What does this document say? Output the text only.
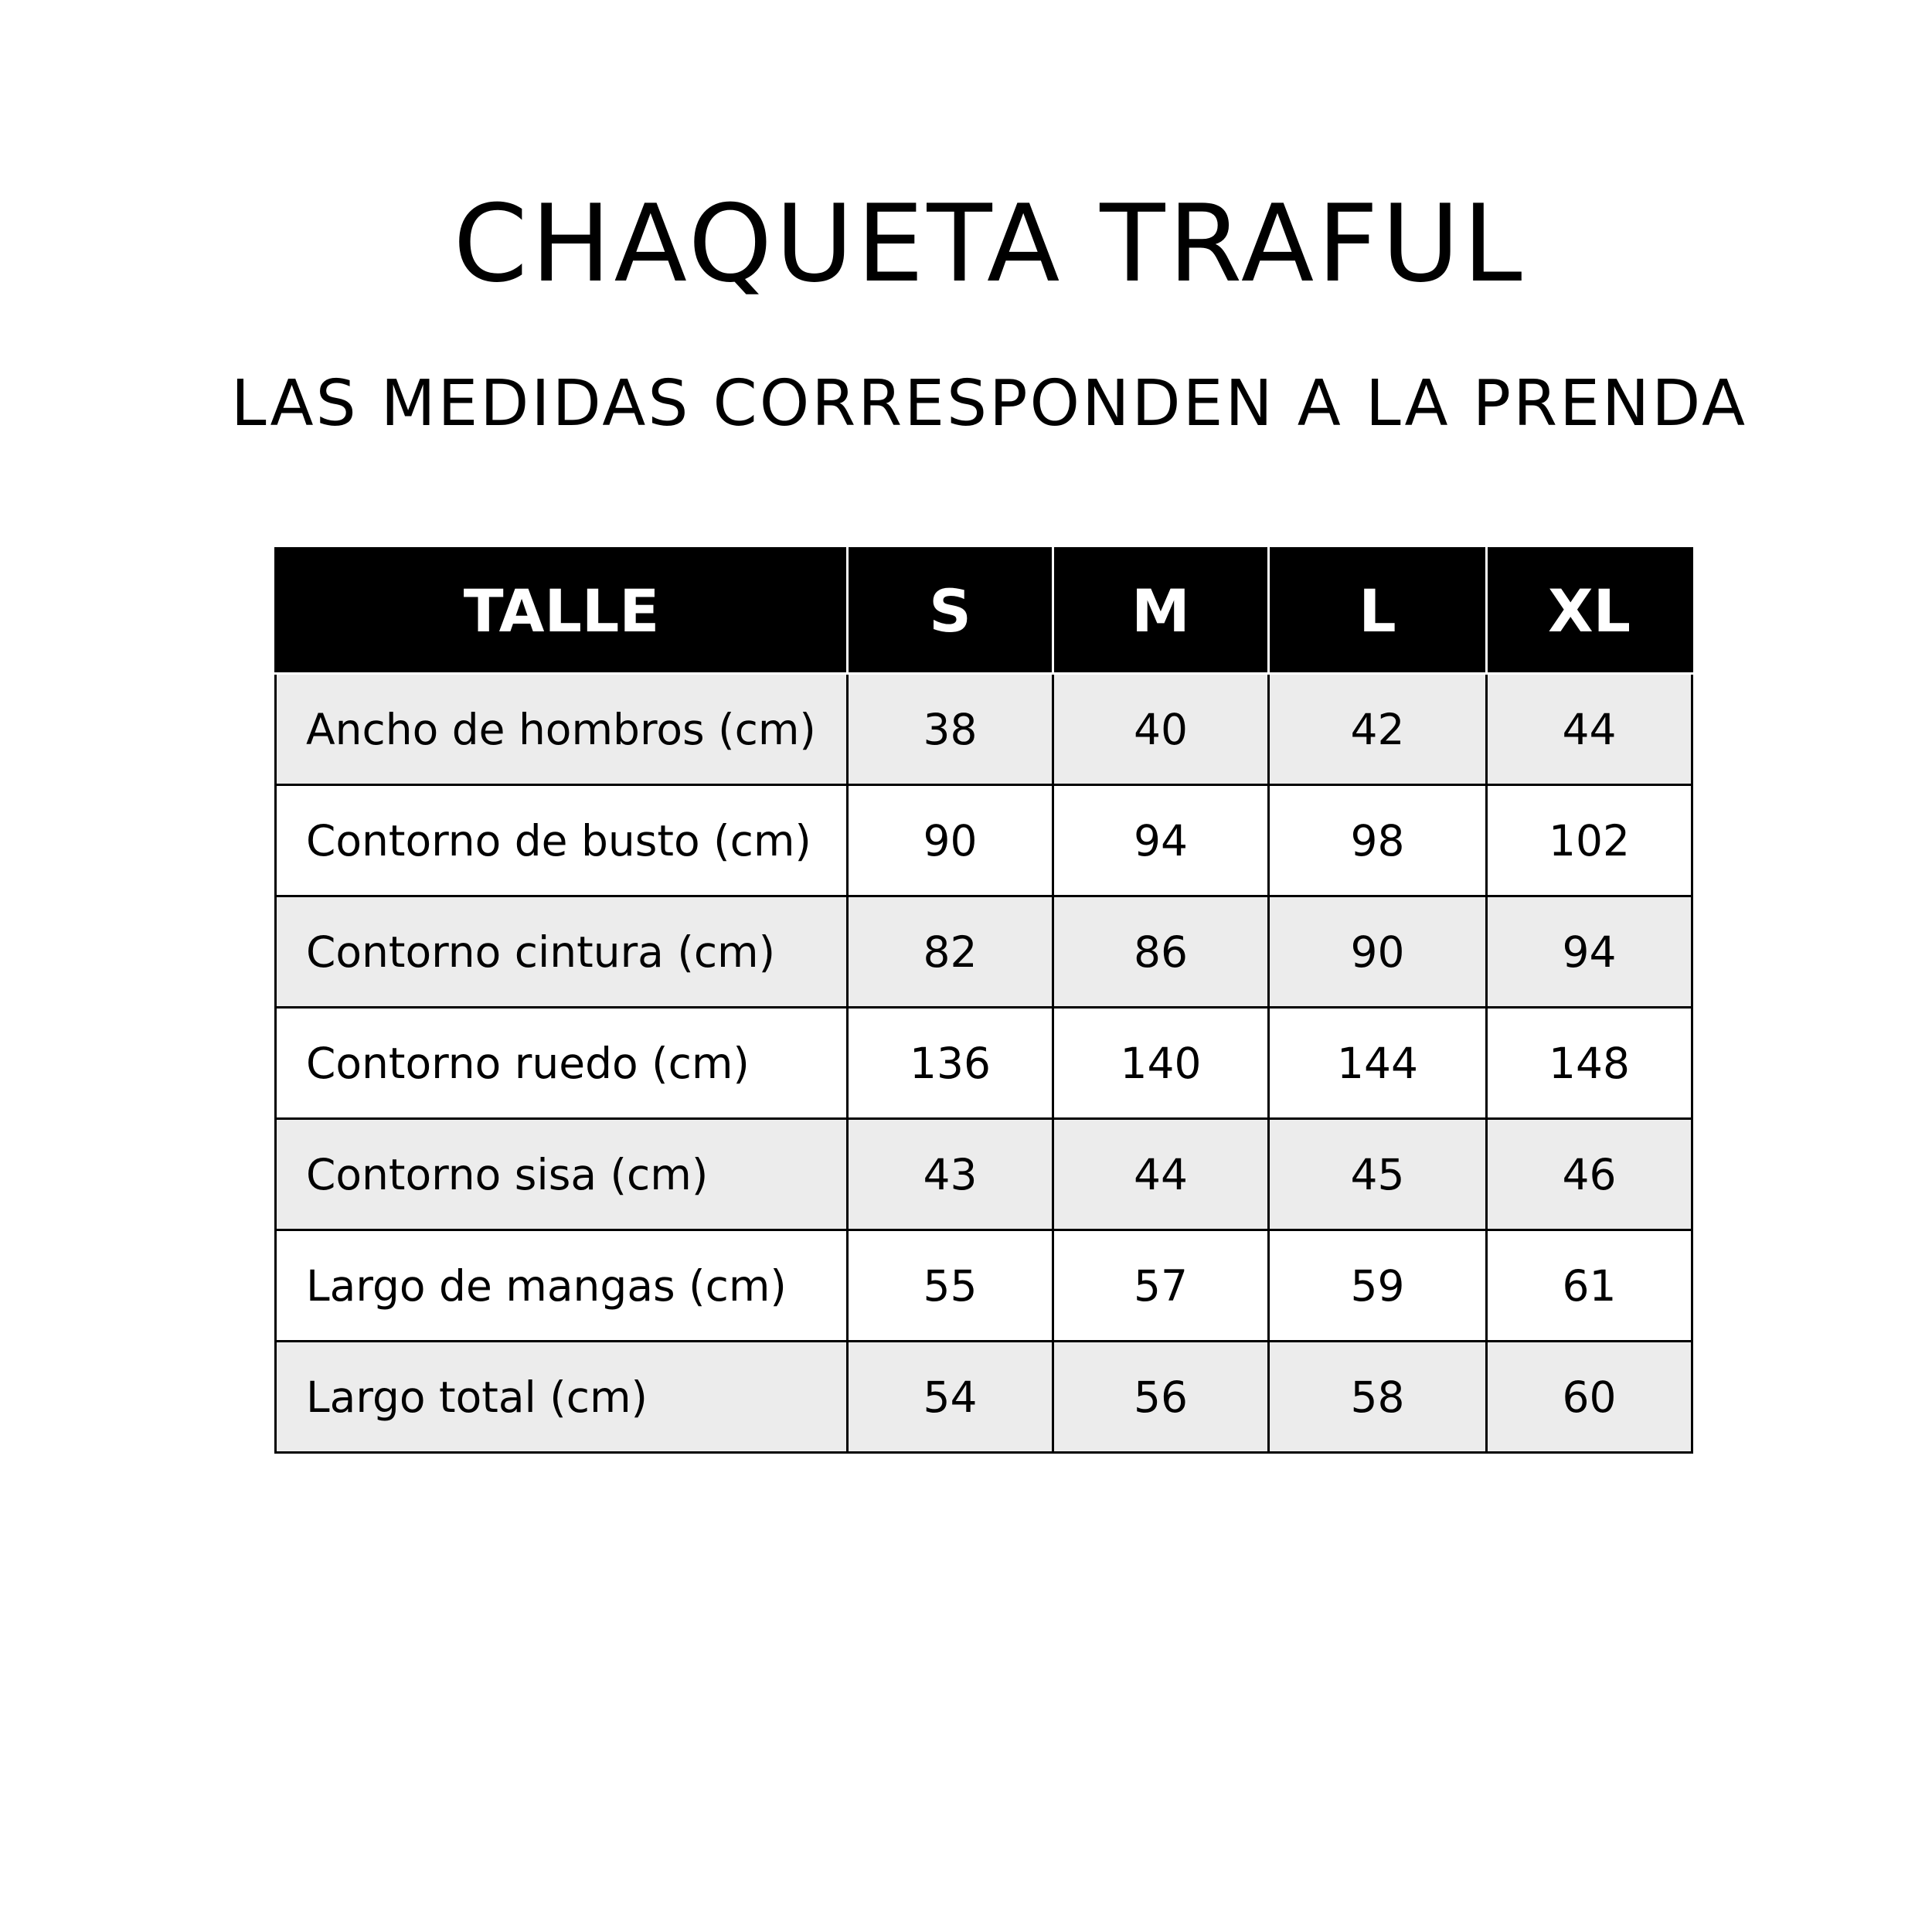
CHAQUETA TRAFUL
LAS MEDIDAS CORRESPONDEN A LA PRENDA
TALLE	S	M	L	XL
Ancho de hombros (cm)	38	40	42	44
Contorno de busto (cm)	90	94	98	102
Contorno cintura (cm)	82	86	90	94
Contorno ruedo (cm)	136	140	144	148
Contorno sisa (cm)	43	44	45	46
Largo de mangas (cm)	55	57	59	61
Largo total (cm)	54	56	58	60
